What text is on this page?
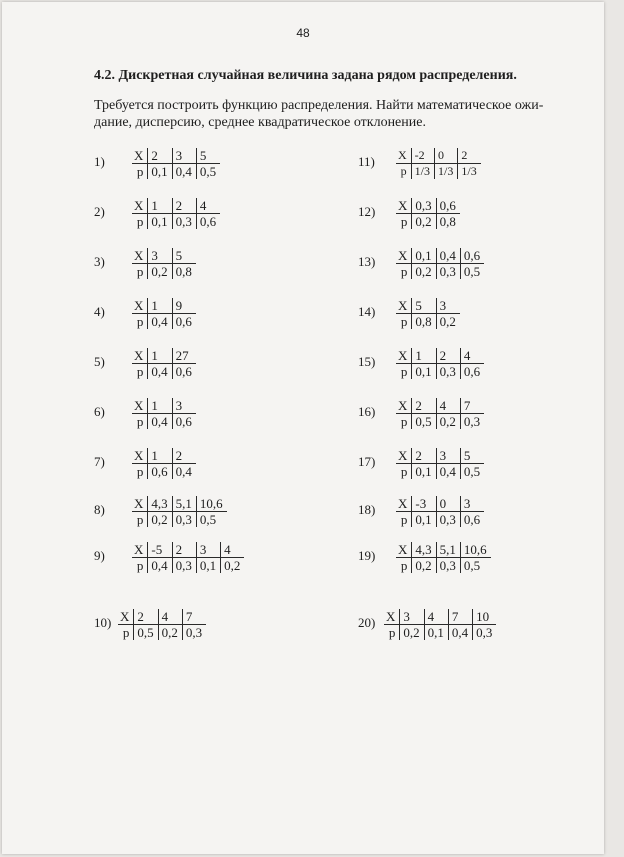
48
4.2. Дискретная случайная величина задана рядом распределения.
Требуется построить функцию распределения. Найти математическое ожи-
дание, дисперсию, среднее квадратическое отклонение.
1) X	2	3	5
p	0,1	0,4	0,5
2) X	1	2	4
p	0,1	0,3	0,6
3) X	3	5
p	0,2	0,8
4) X	1	9
p	0,4	0,6
5) X	1	27
p	0,4	0,6
6) X	1	3
p	0,4	0,6
7) X	1	2
p	0,6	0,4
8) X	4,3	5,1	10,6
p	0,2	0,3	0,5
9) X	-5	2	3	4
p	0,4	0,3	0,1	0,2
10) X	2	4	7
p	0,5	0,2	0,3
11) X	-2	0	2
p	1/3	1/3	1/3
12) X	0,3	0,6
p	0,2	0,8
13) X	0,1	0,4	0,6
p	0,2	0,3	0,5
14) X	5	3
p	0,8	0,2
15) X	1	2	4
p	0,1	0,3	0,6
16) X	2	4	7
p	0,5	0,2	0,3
17) X	2	3	5
p	0,1	0,4	0,5
18) X	-3	0	3
p	0,1	0,3	0,6
19) X	4,3	5,1	10,6
p	0,2	0,3	0,5
20) X	3	4	7	10
p	0,2	0,1	0,4	0,3
